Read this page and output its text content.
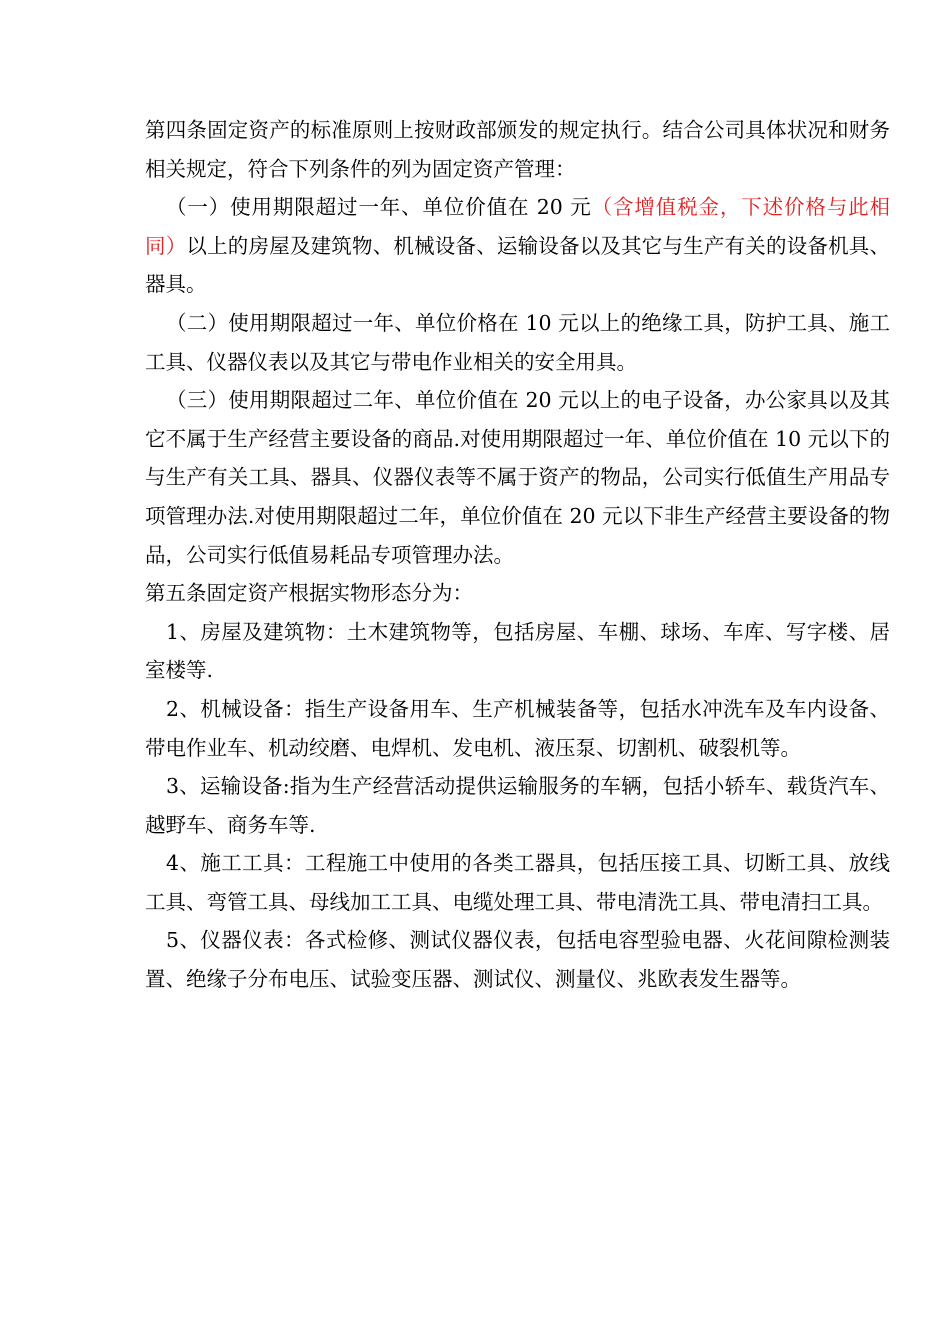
第四条固定资产的标准原则上按财政部颁发的规定执行。结合公司具体状况和财务相关规定，符合下列条件的列为固定资产管理：

（一）使用期限超过一年、单位价值在 20 元（含增值税金，下述价格与此相同）以上的房屋及建筑物、机械设备、运输设备以及其它与生产有关的设备机具、器具。

（二）使用期限超过一年、单位价格在 10 元以上的绝缘工具，防护工具、施工工具、仪器仪表以及其它与带电作业相关的安全用具。

（三）使用期限超过二年、单位价值在 20 元以上的电子设备，办公家具以及其它不属于生产经营主要设备的商品.对使用期限超过一年、单位价值在 10 元以下的与生产有关工具、器具、仪器仪表等不属于资产的物品，公司实行低值生产用品专项管理办法.对使用期限超过二年，单位价值在 20 元以下非生产经营主要设备的物品，公司实行低值易耗品专项管理办法。

第五条固定资产根据实物形态分为：

1、房屋及建筑物：土木建筑物等，包括房屋、车棚、球场、车库、写字楼、居室楼等.

2、机械设备：指生产设备用车、生产机械装备等，包括水冲洗车及车内设备、带电作业车、机动绞磨、电焊机、发电机、液压泵、切割机、破裂机等。

3、运输设备:指为生产经营活动提供运输服务的车辆，包括小轿车、载货汽车、越野车、商务车等.

4、施工工具：工程施工中使用的各类工器具，包括压接工具、切断工具、放线工具、弯管工具、母线加工工具、电缆处理工具、带电清洗工具、带电清扫工具。

5、仪器仪表：各式检修、测试仪器仪表，包括电容型验电器、火花间隙检测装置、绝缘子分布电压、试验变压器、测试仪、测量仪、兆欧表发生器等。
